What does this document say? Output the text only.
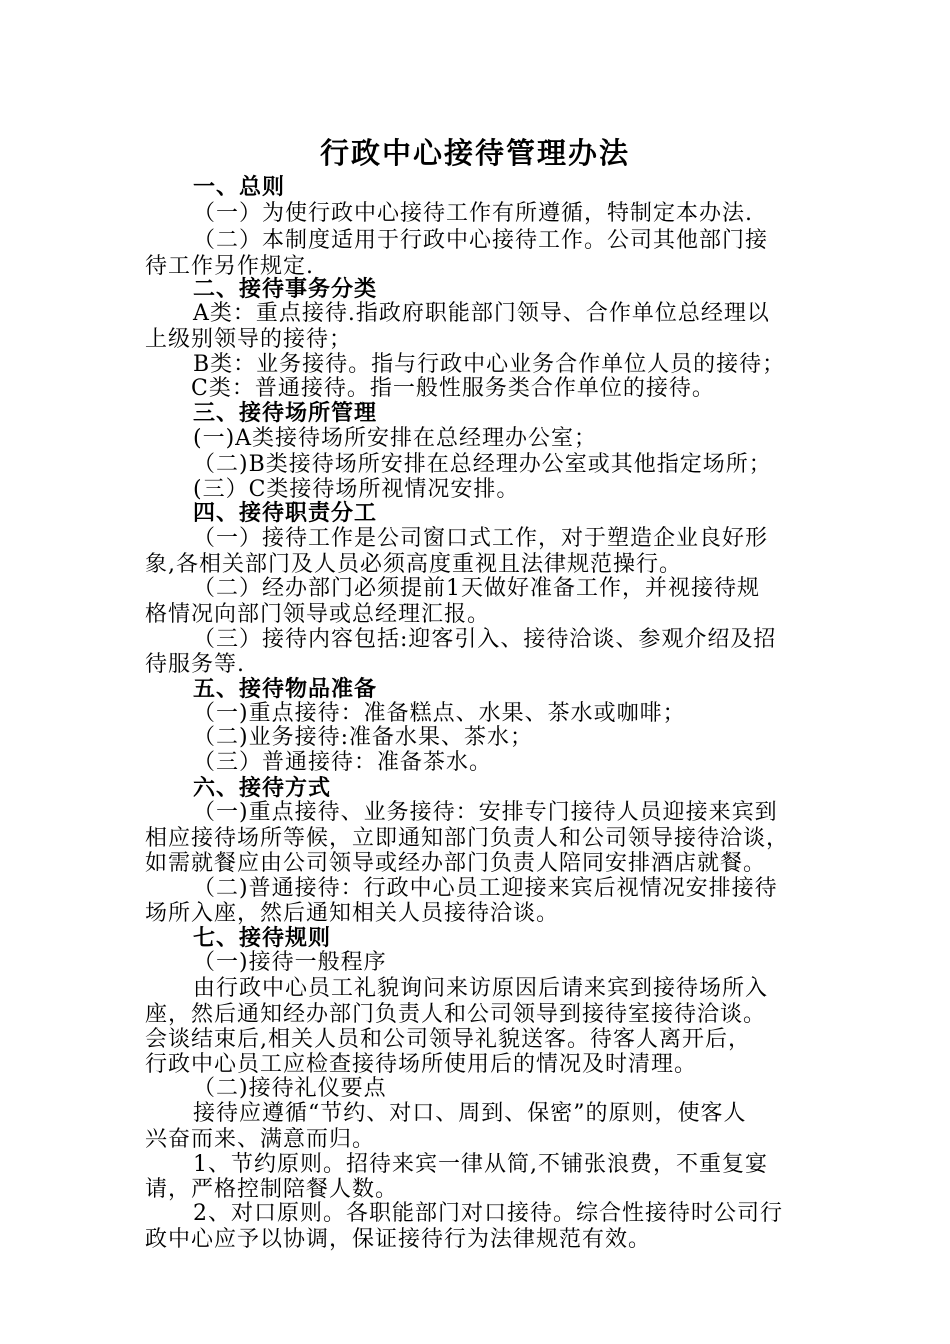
行政中心接待管理办法
一、总则
（一）为使行政中心接待工作有所遵循，特制定本办法.
（二）本制度适用于行政中心接待工作。公司其他部门接
待工作另作规定.
二、接待事务分类
A类：重点接待.指政府职能部门领导、合作单位总经理以
上级别领导的接待；
B类：业务接待。指与行政中心业务合作单位人员的接待；
C类：普通接待。指一般性服务类合作单位的接待。
三、接待场所管理
(一)A类接待场所安排在总经理办公室；
（二)B类接待场所安排在总经理办公室或其他指定场所；
(三）C类接待场所视情况安排。
四、接待职责分工
（一）接待工作是公司窗口式工作，对于塑造企业良好形
象,各相关部门及人员必须高度重视且法律规范操行。
（二）经办部门必须提前1天做好准备工作，并视接待规
格情况向部门领导或总经理汇报。
（三）接待内容包括:迎客引入、接待洽谈、参观介绍及招
待服务等.
五、接待物品准备
（一)重点接待：准备糕点、水果、茶水或咖啡；
（二)业务接待:准备水果、茶水；
（三）普通接待：准备茶水。
六、接待方式
（一)重点接待、业务接待：安排专门接待人员迎接来宾到
相应接待场所等候，立即通知部门负责人和公司领导接待洽谈，
如需就餐应由公司领导或经办部门负责人陪同安排酒店就餐。
（二)普通接待：行政中心员工迎接来宾后视情况安排接待
场所入座，然后通知相关人员接待洽谈。
七、接待规则
（一)接待一般程序
由行政中心员工礼貌询问来访原因后请来宾到接待场所入
座，然后通知经办部门负责人和公司领导到接待室接待洽谈。
会谈结束后,相关人员和公司领导礼貌送客。待客人离开后，
行政中心员工应检查接待场所使用后的情况及时清理。
（二)接待礼仪要点
接待应遵循“节约、对口、周到、保密”的原则，使客人
兴奋而来、满意而归。
1、节约原则。招待来宾一律从简,不铺张浪费，不重复宴
请，严格控制陪餐人数。
2、对口原则。各职能部门对口接待。综合性接待时公司行
政中心应予以协调，保证接待行为法律规范有效。
